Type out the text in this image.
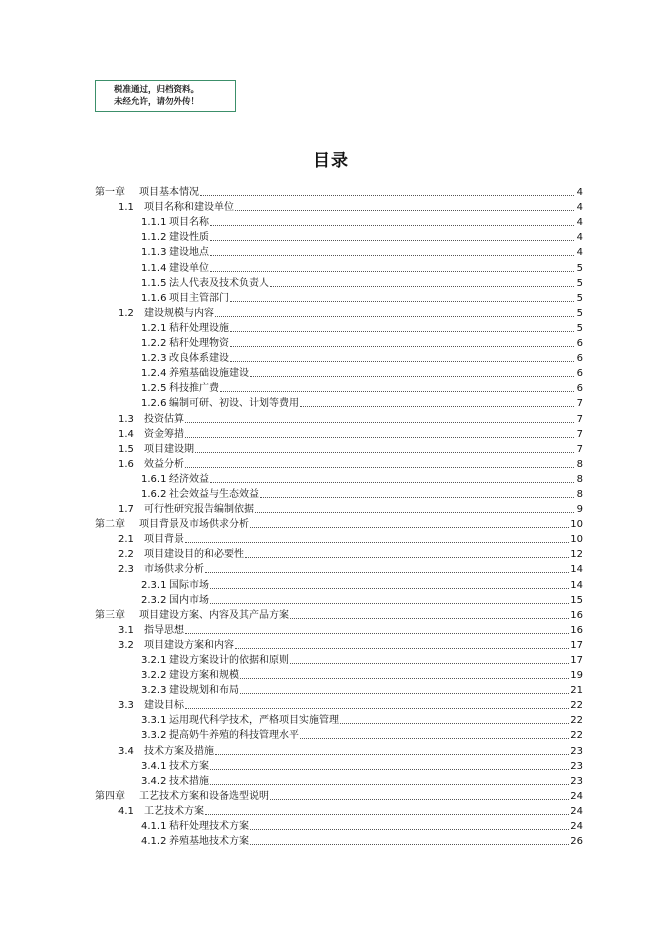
税准通过，归档资料。
未经允许，请勿外传！
目录
第一章	项目基本情况	4
1.1	项目名称和建设单位	4
1.1.1 项目名称	4
1.1.2 建设性质	4
1.1.3 建设地点	4
1.1.4 建设单位	5
1.1.5 法人代表及技术负责人	5
1.1.6 项目主管部门	5
1.2	建设规模与内容	5
1.2.1 秸秆处理设施	5
1.2.2 秸秆处理物资	6
1.2.3 改良体系建设	6
1.2.4 养殖基础设施建设	6
1.2.5 科技推广费	6
1.2.6 编制可研、初设、计划等费用	7
1.3	投资估算	7
1.4	资金筹措	7
1.5	项目建设期	7
1.6	效益分析	8
1.6.1 经济效益	8
1.6.2 社会效益与生态效益	8
1.7	可行性研究报告编制依据	9
第二章	项目背景及市场供求分析	10
2.1	项目背景	10
2.2	项目建设目的和必要性	12
2.3	市场供求分析	14
2.3.1 国际市场	14
2.3.2 国内市场	15
第三章	项目建设方案、内容及其产品方案	16
3.1	指导思想	16
3.2	项目建设方案和内容	17
3.2.1 建设方案设计的依据和原则	17
3.2.2 建设方案和规模	19
3.2.3 建设规划和布局	21
3.3	建设目标	22
3.3.1 运用现代科学技术，严格项目实施管理	22
3.3.2 提高奶牛养殖的科技管理水平	22
3.4	技术方案及措施	23
3.4.1 技术方案	23
3.4.2 技术措施	23
第四章	工艺技术方案和设备选型说明	24
4.1	工艺技术方案	24
4.1.1 秸秆处理技术方案	24
4.1.2 养殖基地技术方案	26
